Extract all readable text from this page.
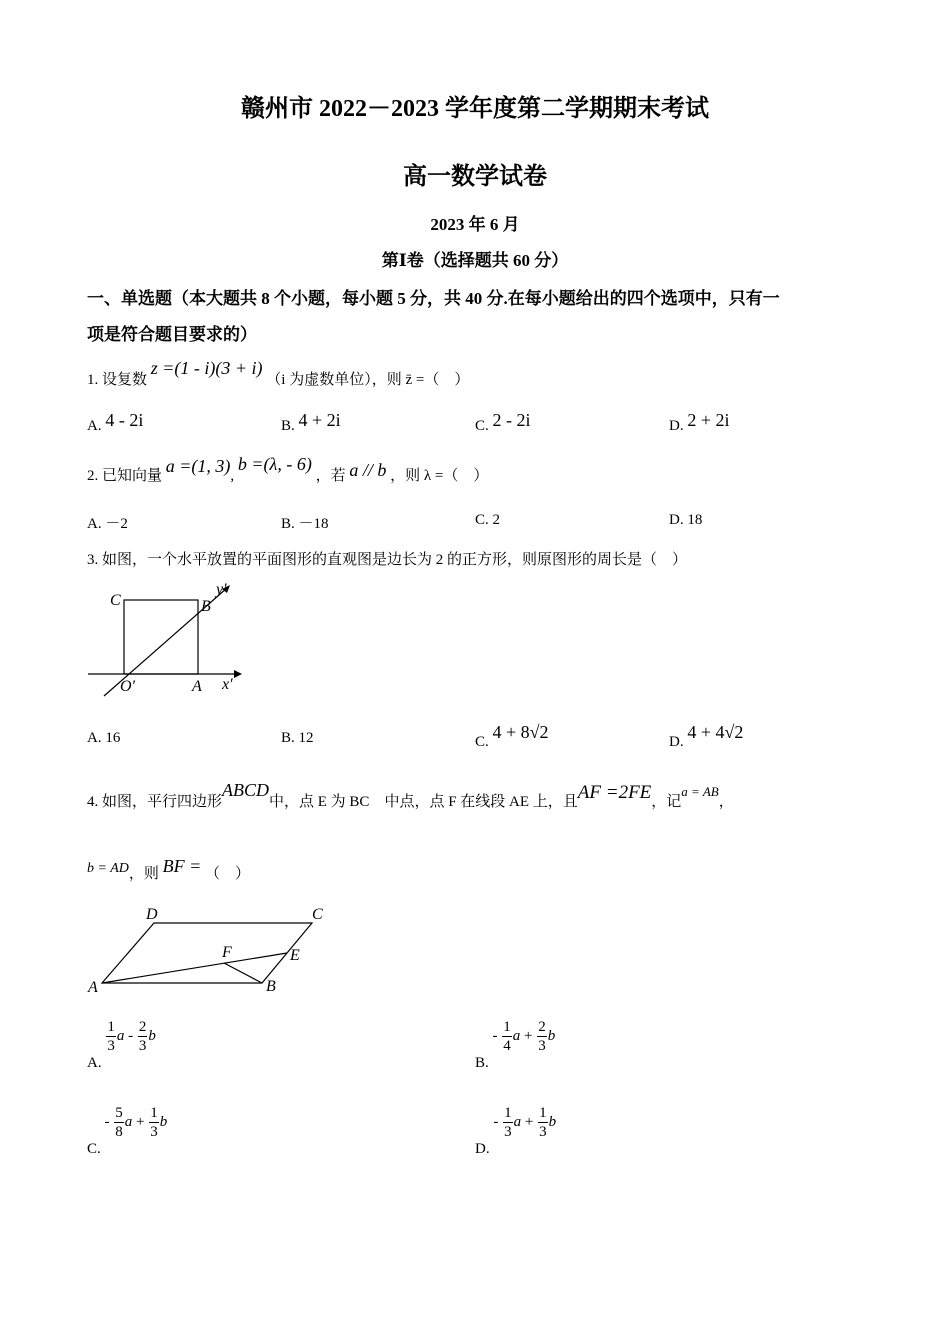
赣州市 2022－2023 学年度第二学期期末考试
高一数学试卷
2023 年 6 月
第Ⅰ卷（选择题共 60 分）
一、单选题（本大题共 8 个小题，每小题 5 分，共 40 分.在每小题给出的四个选项中，只有一
项是符合题目要求的）
1. 设复数 z =(1 - i)(3 + i) （i 为虚数单位），则 z̄ =（　）
A. 4 - 2i	B. 4 + 2i	C. 2 - 2i	D. 2 + 2i
2. 已知向量 a =(1, 3), b =(λ, - 6) ，若 a // b ，则 λ =（　）
A. －2	B. －18	C. 2	D. 18
3. 如图，一个水平放置的平面图形的直观图是边长为 2 的正方形，则原图形的周长是（　）
C	B
O′	A x′
y′
A. 16	B. 12	C. 4 + 8√2	D. 4 + 4√2
4. 如图，平行四边形ABCD中，点 E 为 BC　中点，点 F 在线段 AE 上，且AF =2FE，记a = AB，
b = AD，则 BF = （　）
D	C
F	E
A	B
A.
$\frac{1}{3}$ a - $\frac{2}{3}$ b
B. - $\frac{1}{4}$ $a + \frac{2}{3}$ b
C. - $\frac{5}{8}$ $a + \frac{1}{3}$ b
D. - $\frac{1}{3}$ $a + \frac{1}{3}$ b
